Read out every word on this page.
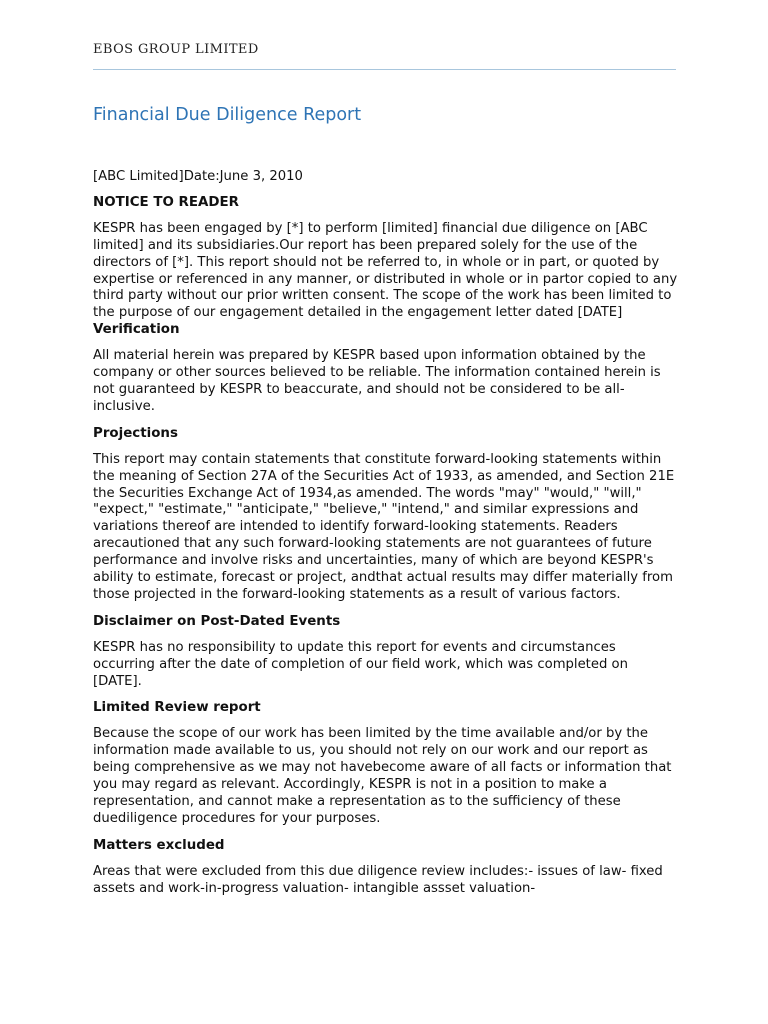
EBOS GROUP LIMITED
Financial Due Diligence Report

[ABC Limited]Date:June 3, 2010

NOTICE TO READER

KESPR has been engaged by [*] to perform [limited] financial due diligence on [ABC limited] and its subsidiaries.Our report has been prepared solely for the use of the directors of [*]. This report should not be referred to, in whole or in part, or quoted by expertise or referenced in any manner, or distributed in whole or in partor copied to any third party without our prior written consent. The scope of the work has been limited to the purpose of our engagement detailed in the engagement letter dated [DATE]

Verification

All material herein was prepared by KESPR based upon information obtained by the company or other sources believed to be reliable. The information contained herein is not guaranteed by KESPR to beaccurate, and should not be considered to be all-inclusive.

Projections

This report may contain statements that constitute forward-looking statements within the meaning of Section 27A of the Securities Act of 1933, as amended, and Section 21E the Securities Exchange Act of 1934,as amended. The words "may" "would," "will," "expect," "estimate," "anticipate," "believe," "intend," and similar expressions and variations thereof are intended to identify forward-looking statements. Readers arecautioned that any such forward-looking statements are not guarantees of future performance and involve risks and uncertainties, many of which are beyond KESPR's ability to estimate, forecast or project, andthat actual results may differ materially from those projected in the forward-looking statements as a result of various factors.

Disclaimer on Post-Dated Events

KESPR has no responsibility to update this report for events and circumstances occurring after the date of completion of our field work, which was completed on [DATE].

Limited Review report

Because the scope of our work has been limited by the time available and/or by the information made available to us, you should not rely on our work and our report as being comprehensive as we may not havebecome aware of all facts or information that you may regard as relevant. Accordingly, KESPR is not in a position to make a representation, and cannot make a representation as to the sufficiency of these duediligence procedures for your purposes.

Matters excluded

Areas that were excluded from this due diligence review includes:- issues of law- fixed assets and work-in-progress valuation- intangible assset valuation-
